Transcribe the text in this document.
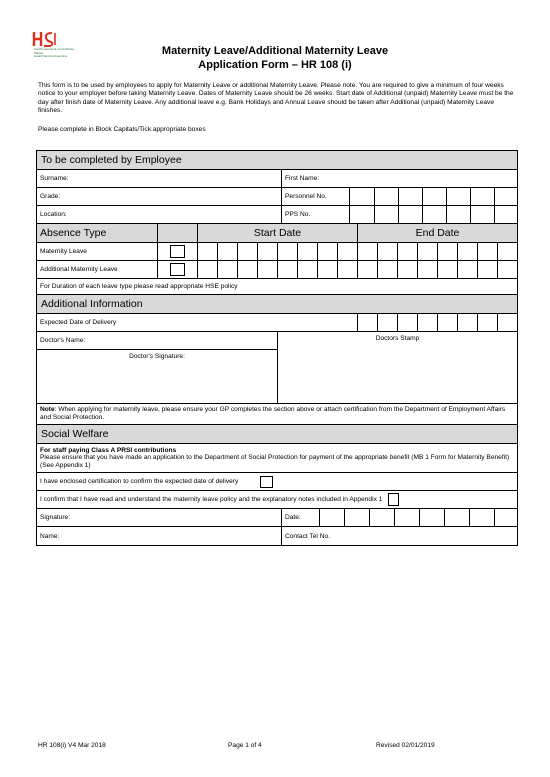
Feidhmeannacht na Seirbhíse Sláinte
Health Service Executive	Maternity Leave/Additional Maternity Leave
Application Form – HR 108 (i)
This form is to be used by employees to apply for Maternity Leave or additional Maternity Leave. Please note. You are required to give a minimum of four weeks notice to your employer before taking Maternity Leave. Dates of Maternity Leave should be 26 weeks. Start date of Additional (unpaid) Maternity Leave must be the day after finish date of Maternity Leave. Any additional leave e.g. Bank Holidays and Annual Leave should be taken after Additional (unpaid) Maternity Leave finishes.
Please complete in Block Capitals/Tick appropriate boxes
To be completed by Employee
Surname:	First Name:
Grade:	Personnel No.
Location:	PPS No.
Absence Type	Start Date	End Date
Maternity Leave
Additional Maternity Leave
For Duration of each leave type please read appropriate HSE policy
Additional Information
Expected Date of Delivery
Doctor's Name:
Doctor's Signature:
Doctors Stamp
Note: When applying for maternity leave, please ensure your GP completes the section above or attach certification from the Department of Employment Affairs and Social Protection.
Social Welfare
For staff paying Class A PRSI contributions
Please ensure that you have made an application to the Department of Social Protection for payment of the appropriate benefit (MB 1 Form for Maternity Benefit) (See Appendix 1)
I have enclosed certification to confirm the expected date of delivery
I confirm that I have read and understand the maternity leave policy and the explanatory notes included in Appendix 1
Signature:	Date:
Name:	Contact Tel No.
HR 108(i) V4 Mar 2018	Page 1 of 4	Revised 02/01/2019
